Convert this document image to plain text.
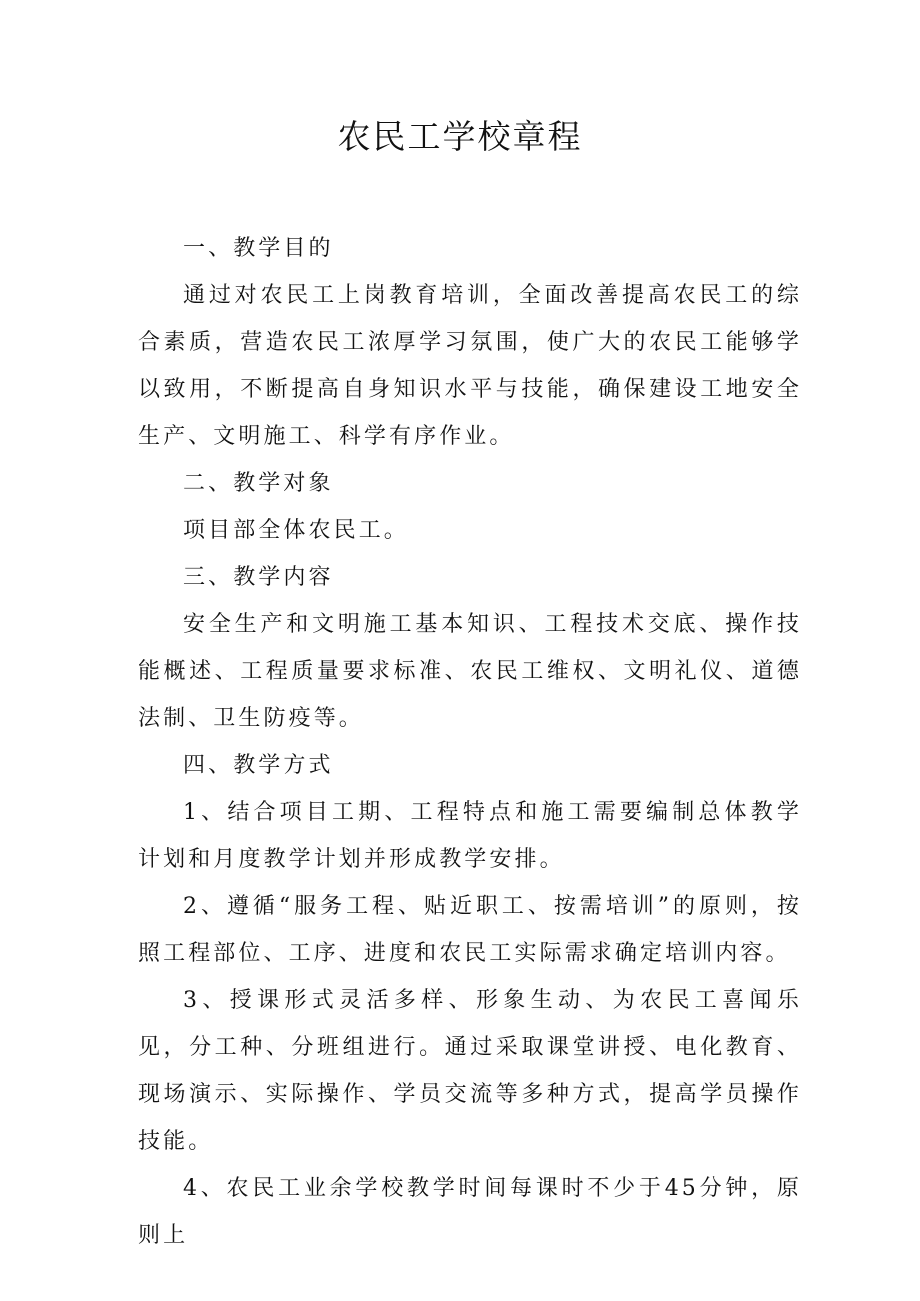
农民工学校章程

一、教学目的

通过对农民工上岗教育培训，全面改善提高农民工的综合素质，营造农民工浓厚学习氛围，使广大的农民工能够学以致用，不断提高自身知识水平与技能，确保建设工地安全生产、文明施工、科学有序作业。

二、教学对象

项目部全体农民工。

三、教学内容

安全生产和文明施工基本知识、工程技术交底、操作技能概述、工程质量要求标准、农民工维权、文明礼仪、道德法制、卫生防疫等。

四、教学方式

1、结合项目工期、工程特点和施工需要编制总体教学计划和月度教学计划并形成教学安排。

2、遵循“服务工程、贴近职工、按需培训”的原则，按照工程部位、工序、进度和农民工实际需求确定培训内容。

3、授课形式灵活多样、形象生动、为农民工喜闻乐见，分工种、分班组进行。通过采取课堂讲授、电化教育、现场演示、实际操作、学员交流等多种方式，提高学员操作技能。

4、农民工业余学校教学时间每课时不少于45分钟，原则上
